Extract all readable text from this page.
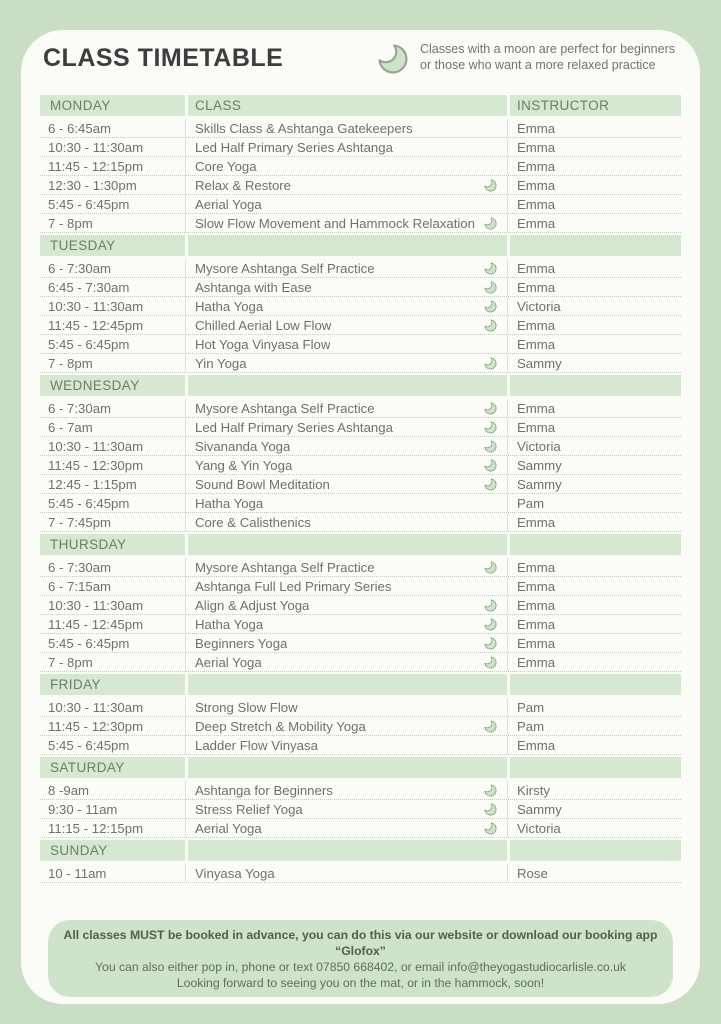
CLASS TIMETABLE	Classes with a moon are perfect for beginners
or those who want a more relaxed practice
MONDAY	CLASS	INSTRUCTOR
6 - 6:45am	Skills Class & Ashtanga Gatekeepers	Emma
10:30 - 11:30am	Led Half Primary Series Ashtanga	Emma
11:45 - 12:15pm	Core Yoga	Emma
12:30 - 1:30pm	Relax & Restore	Emma
5:45 - 6:45pm	Aerial Yoga	Emma
7 - 8pm	Slow Flow Movement and Hammock Relaxation	Emma
TUESDAY
6 - 7:30am	Mysore Ashtanga Self Practice	Emma
6:45 - 7:30am	Ashtanga with Ease	Emma
10:30 - 11:30am	Hatha Yoga	Victoria
11:45 - 12:45pm	Chilled Aerial Low Flow	Emma
5:45 - 6:45pm	Hot Yoga Vinyasa Flow	Emma
7 - 8pm	Yin Yoga	Sammy
WEDNESDAY
6 - 7:30am	Mysore Ashtanga Self Practice	Emma
6 - 7am	Led Half Primary Series Ashtanga	Emma
10:30 - 11:30am	Sivananda Yoga	Victoria
11:45 - 12:30pm	Yang & Yin Yoga	Sammy
12:45 - 1:15pm	Sound Bowl Meditation	Sammy
5:45 - 6:45pm	Hatha Yoga	Pam
7 - 7:45pm	Core & Calisthenics	Emma
THURSDAY
6 - 7:30am	Mysore Ashtanga Self Practice	Emma
6 - 7:15am	Ashtanga Full Led Primary Series	Emma
10:30 - 11:30am	Align & Adjust Yoga	Emma
11:45 - 12:45pm	Hatha Yoga	Emma
5:45 - 6:45pm	Beginners Yoga	Emma
7 - 8pm	Aerial Yoga	Emma
FRIDAY
10:30 - 11:30am	Strong Slow Flow	Pam
11:45 - 12:30pm	Deep Stretch & Mobility Yoga	Pam
5:45 - 6:45pm	Ladder Flow Vinyasa	Emma
SATURDAY
8 -9am	Ashtanga for Beginners	Kirsty
9:30 - 11am	Stress Relief Yoga	Sammy
11:15 - 12:15pm	Aerial Yoga	Victoria
SUNDAY
10 - 11am	Vinyasa Yoga	Rose
All classes MUST be booked in advance, you can do this via our website or download our booking app “Glofox”
You can also either pop in, phone or text 07850 668402, or email info@theyogastudiocarlisle.co.uk
Looking forward to seeing you on the mat, or in the hammock, soon!
